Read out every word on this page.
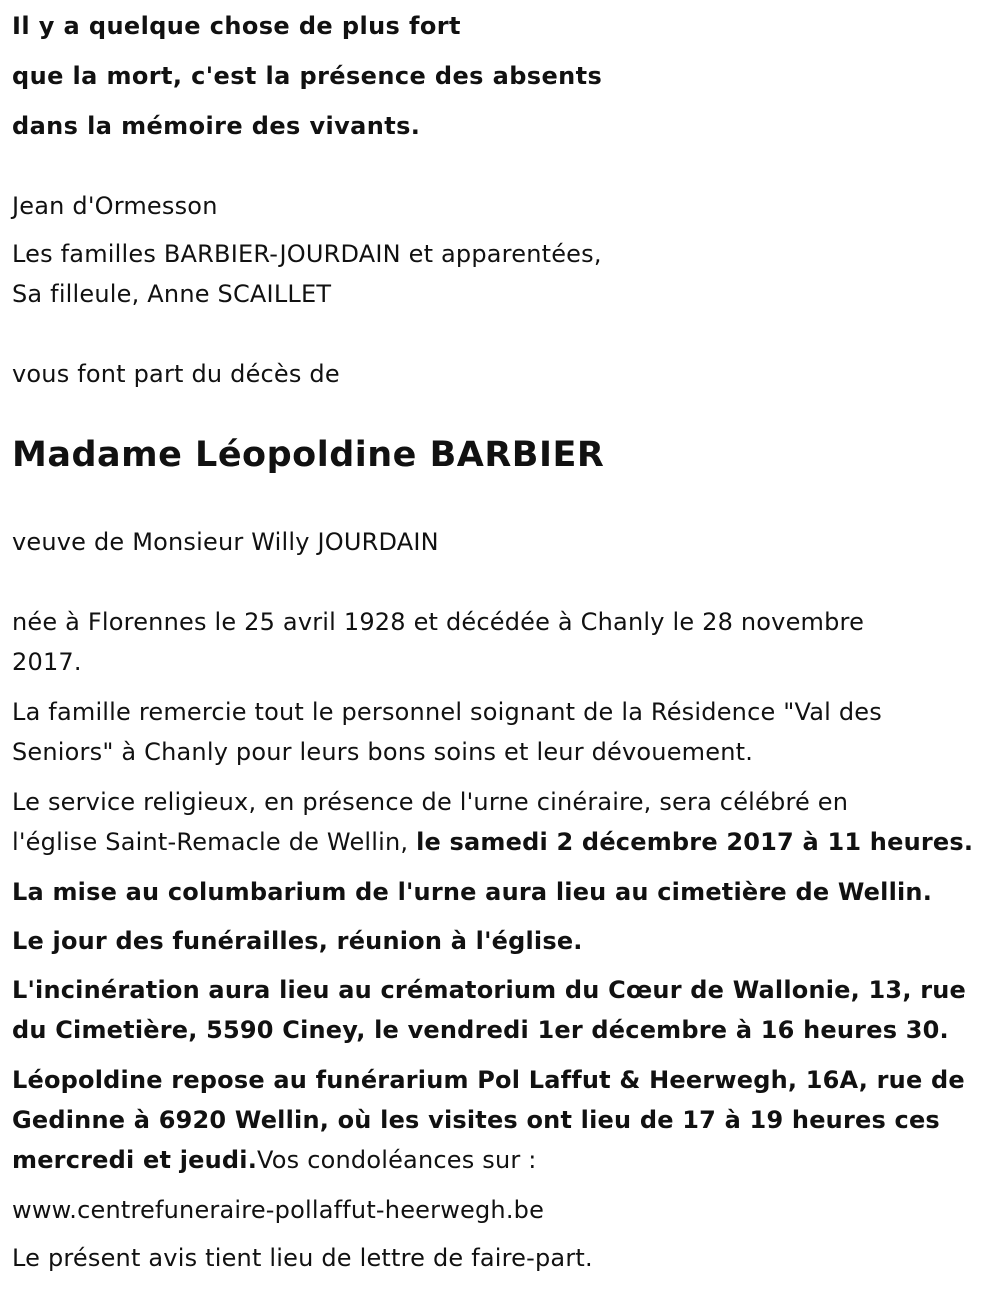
Il y a quelque chose de plus fort
que la mort, c'est la présence des absents
dans la mémoire des vivants.
Jean d'Ormesson
Les familles BARBIER-JOURDAIN et apparentées,
Sa filleule, Anne SCAILLET
vous font part du décès de
Madame Léopoldine BARBIER
veuve de Monsieur Willy JOURDAIN
née à Florennes le 25 avril 1928 et décédée à Chanly le 28 novembre
2017.
La famille remercie tout le personnel soignant de la Résidence "Val des
Seniors" à Chanly pour leurs bons soins et leur dévouement.
Le service religieux, en présence de l'urne cinéraire, sera célébré en
l'église Saint-Remacle de Wellin, le samedi 2 décembre 2017 à 11 heures.
La mise au columbarium de l'urne aura lieu au cimetière de Wellin.
Le jour des funérailles, réunion à l'église.
L'incinération aura lieu au crématorium du Cœur de Wallonie, 13, rue
du Cimetière, 5590 Ciney, le vendredi 1er décembre à 16 heures 30.
Léopoldine repose au funérarium Pol Laffut & Heerwegh, 16A, rue de
Gedinne à 6920 Wellin, où les visites ont lieu de 17 à 19 heures ces
mercredi et jeudi.Vos condoléances sur :
www.centrefuneraire-pollaffut-heerwegh.be
Le présent avis tient lieu de lettre de faire-part.
